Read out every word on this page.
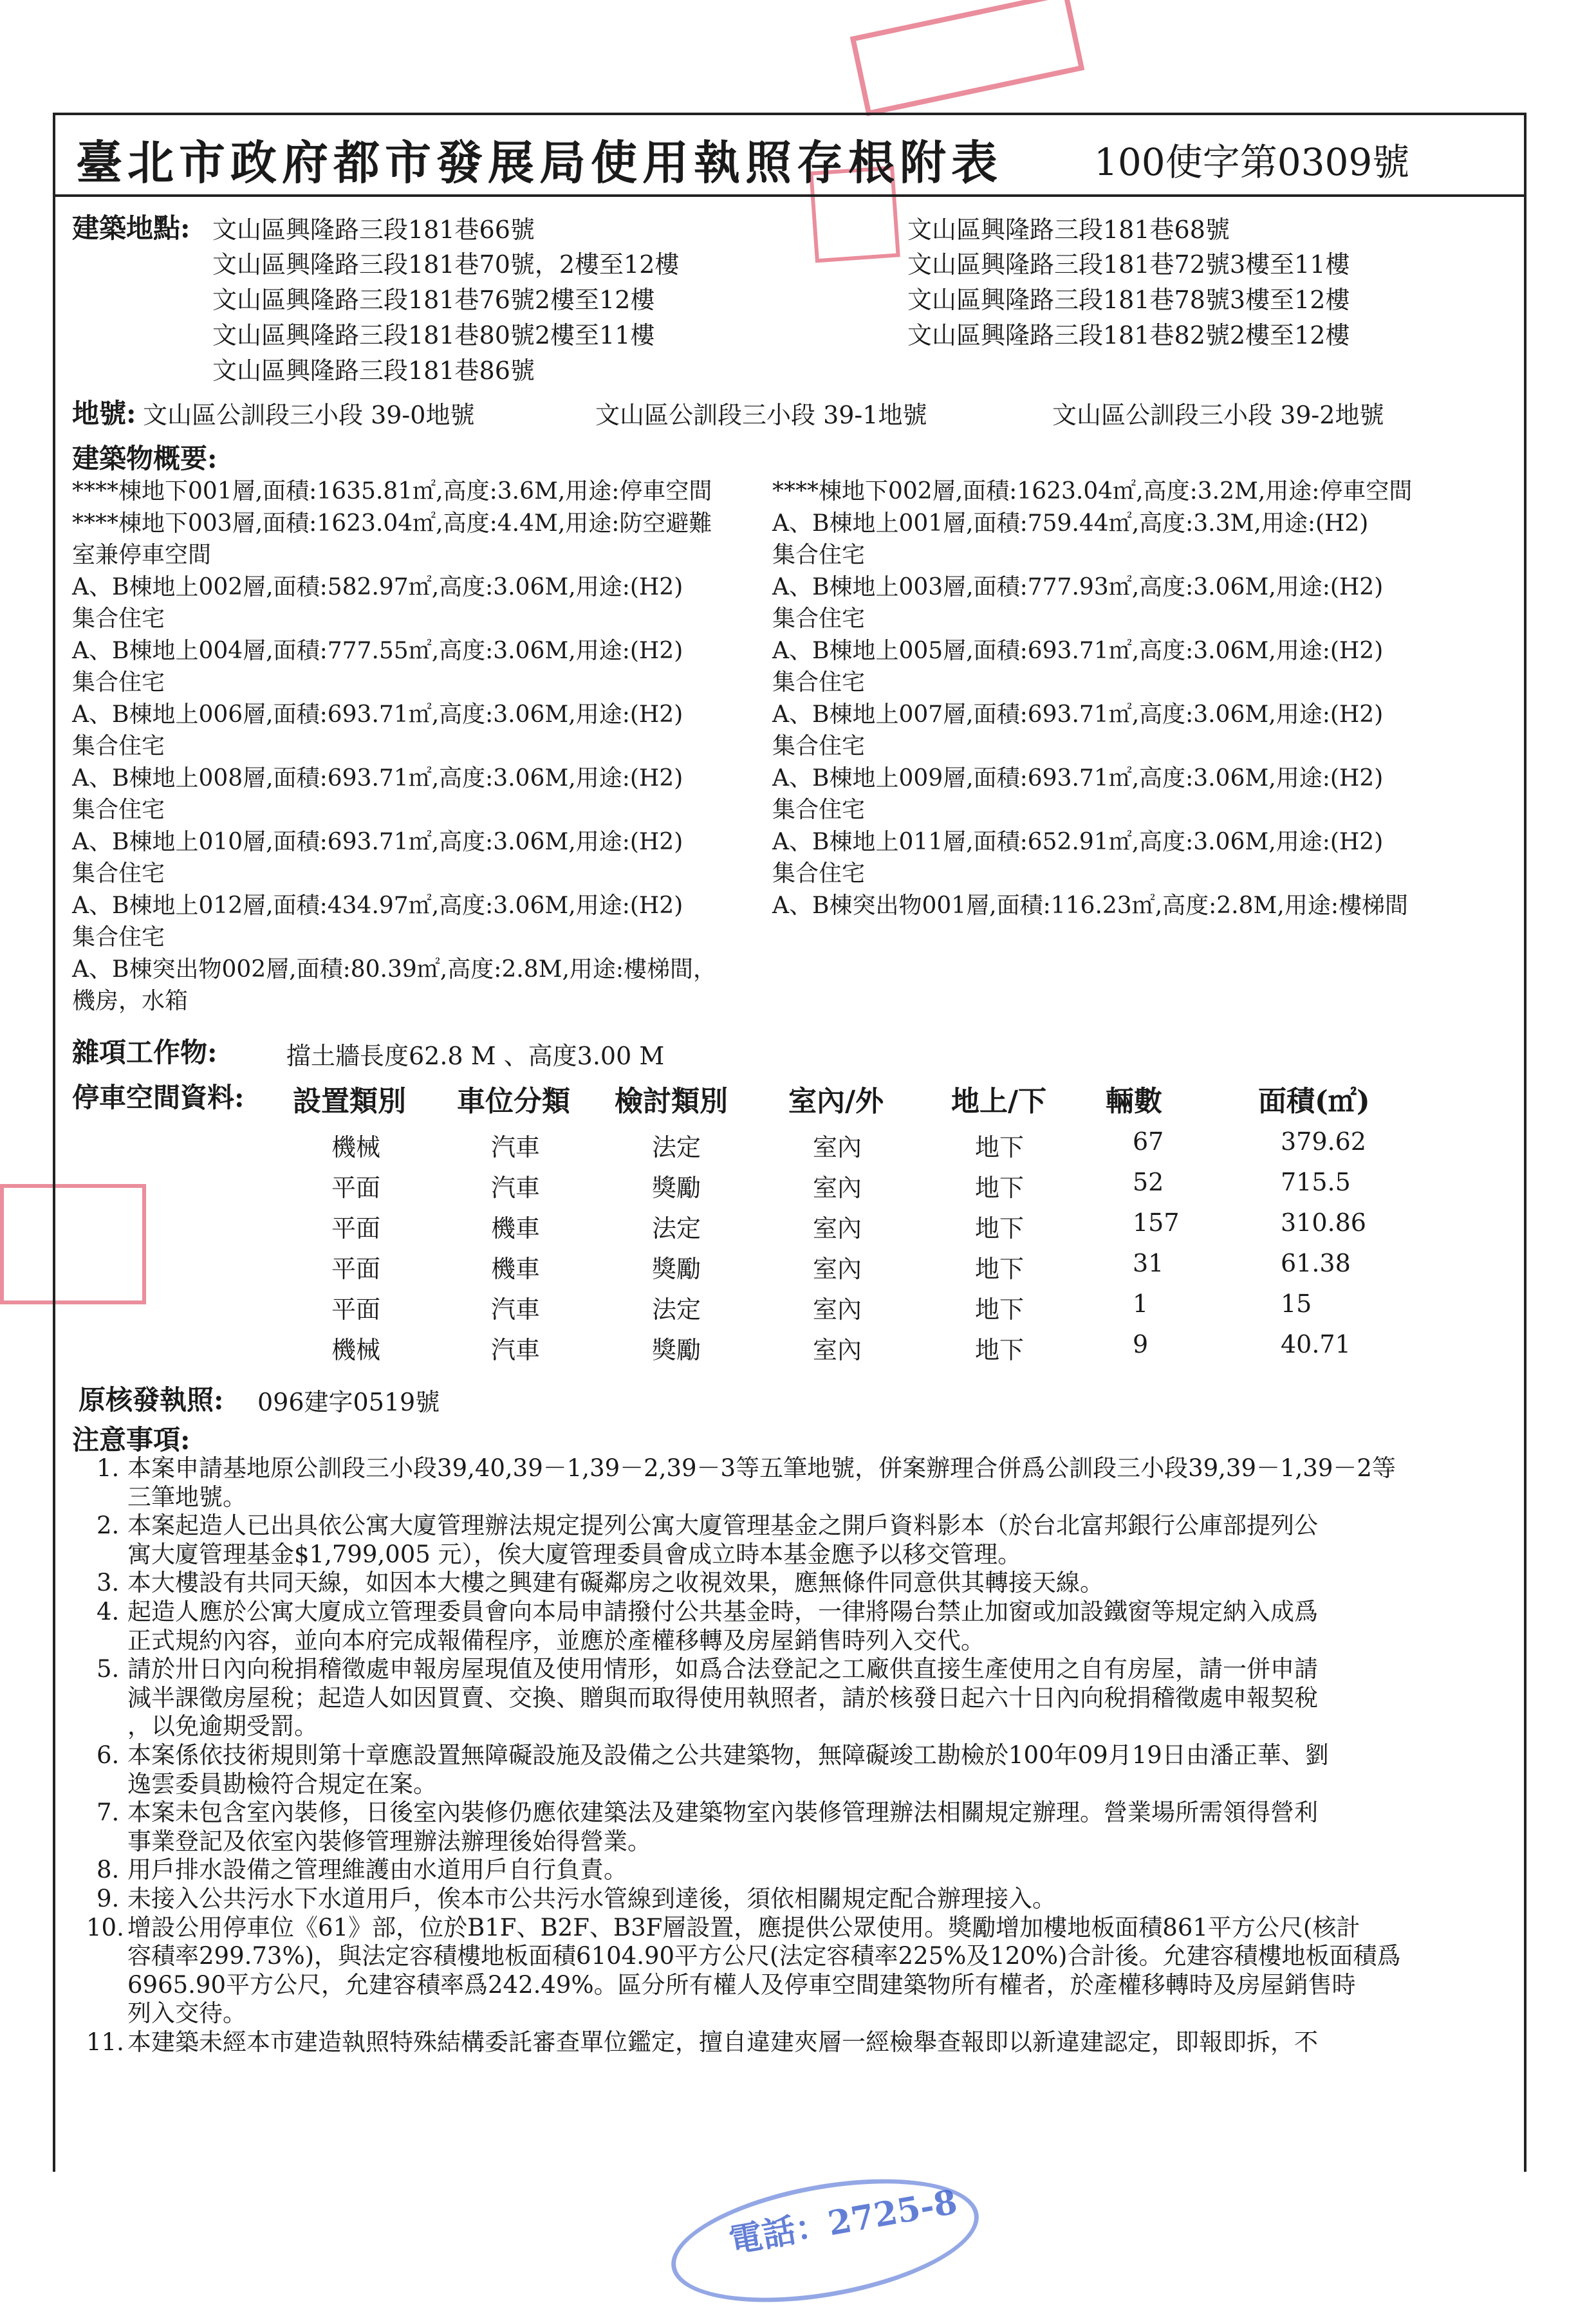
臺北市政府都市發展局使用執照存根附表 100使字第0309號
建築地點: 文山區興隆路三段181巷66號
文山區興隆路三段181巷70號，2樓至12樓
文山區興隆路三段181巷76號2樓至12樓
文山區興隆路三段181巷80號2樓至11樓
文山區興隆路三段181巷86號
文山區興隆路三段181巷68號
文山區興隆路三段181巷72號3樓至11樓
文山區興隆路三段181巷78號3樓至12樓
文山區興隆路三段181巷82號2樓至12樓
地號: 文山區公訓段三小段 39-0地號	文山區公訓段三小段 39-1地號	文山區公訓段三小段 39-2地號
建築物概要:
****棟地下001層,面積:1635.81㎡,高度:3.6M,用途:停車空間	****棟地下002層,面積:1623.04㎡,高度:3.2M,用途:停車空間
****棟地下003層,面積:1623.04㎡,高度:4.4M,用途:防空避難	A、B棟地上001層,面積:759.44㎡,高度:3.3M,用途:(H2)
室兼停車空間	集合住宅
A、B棟地上002層,面積:582.97㎡,高度:3.06M,用途:(H2)	A、B棟地上003層,面積:777.93㎡,高度:3.06M,用途:(H2)
集合住宅	集合住宅
A、B棟地上004層,面積:777.55㎡,高度:3.06M,用途:(H2)	A、B棟地上005層,面積:693.71㎡,高度:3.06M,用途:(H2)
集合住宅	集合住宅
A、B棟地上006層,面積:693.71㎡,高度:3.06M,用途:(H2)	A、B棟地上007層,面積:693.71㎡,高度:3.06M,用途:(H2)
集合住宅	集合住宅
A、B棟地上008層,面積:693.71㎡,高度:3.06M,用途:(H2)	A、B棟地上009層,面積:693.71㎡,高度:3.06M,用途:(H2)
集合住宅	集合住宅
A、B棟地上010層,面積:693.71㎡,高度:3.06M,用途:(H2)	A、B棟地上011層,面積:652.91㎡,高度:3.06M,用途:(H2)
集合住宅	集合住宅
A、B棟地上012層,面積:434.97㎡,高度:3.06M,用途:(H2)	A、B棟突出物001層,面積:116.23㎡,高度:2.8M,用途:樓梯間
集合住宅
A、B棟突出物002層,面積:80.39㎡,高度:2.8M,用途:樓梯間，
機房，水箱
雜項工作物:	擋土牆長度62.8 M 、高度3.00 M
停車空間資料: 設置類別 車位分類 檢討類別 室內/外 地上/下 輛數	面積(㎡)
機械	汽車	法定	室內	地下	67	379.62
平面	汽車	獎勵	室內	地下	52	715.5
平面	機車	法定	室內	地下	157	310.86
平面	機車	獎勵	室內	地下	31	61.38
平面	汽車	法定	室內	地下	1	15
機械	汽車	獎勵	室內	地下	9	40.71
原核發執照: 096建字0519號
注意事項:
1. 本案申請基地原公訓段三小段39,40,39－1,39－2,39－3等五筆地號，併案辦理合併爲公訓段三小段39,39－1,39－2等
三筆地號。
2. 本案起造人已出具依公寓大廈管理辦法規定提列公寓大廈管理基金之開戶資料影本（於台北富邦銀行公庫部提列公
寓大廈管理基金$1,799,005 元），俟大廈管理委員會成立時本基金應予以移交管理。
3. 本大樓設有共同天線，如因本大樓之興建有礙鄰房之收視效果，應無條件同意供其轉接天線。
4. 起造人應於公寓大廈成立管理委員會向本局申請撥付公共基金時，一律將陽台禁止加窗或加設鐵窗等規定納入成爲
正式規約內容，並向本府完成報備程序，並應於產權移轉及房屋銷售時列入交代。
5. 請於卅日內向稅捐稽徵處申報房屋現值及使用情形，如爲合法登記之工廠供直接生產使用之自有房屋，請一併申請
減半課徵房屋稅；起造人如因買賣、交換、贈與而取得使用執照者，請於核發日起六十日內向稅捐稽徵處申報契稅
，以免逾期受罰。
6. 本案係依技術規則第十章應設置無障礙設施及設備之公共建築物，無障礙竣工勘檢於100年09月19日由潘正華、劉
逸雲委員勘檢符合規定在案。
7. 本案未包含室內裝修，日後室內裝修仍應依建築法及建築物室內裝修管理辦法相關規定辦理。營業場所需領得營利
事業登記及依室內裝修管理辦法辦理後始得營業。
8. 用戶排水設備之管理維護由水道用戶自行負責。
9. 未接入公共污水下水道用戶，俟本市公共污水管線到達後，須依相關規定配合辦理接入。
10. 增設公用停車位《61》部，位於B1F、B2F、B3F層設置，應提供公眾使用。獎勵增加樓地板面積861平方公尺(核計
容積率299.73%)，與法定容積樓地板面積6104.90平方公尺(法定容積率225%及120%)合計後。允建容積樓地板面積爲
6965.90平方公尺，允建容積率爲242.49%。區分所有權人及停車空間建築物所有權者，於產權移轉時及房屋銷售時
列入交待。
11. 本建築未經本市建造執照特殊結構委託審查單位鑑定，擅自違建夾層一經檢舉查報即以新違建認定，即報即拆，不
電話：2725-8
